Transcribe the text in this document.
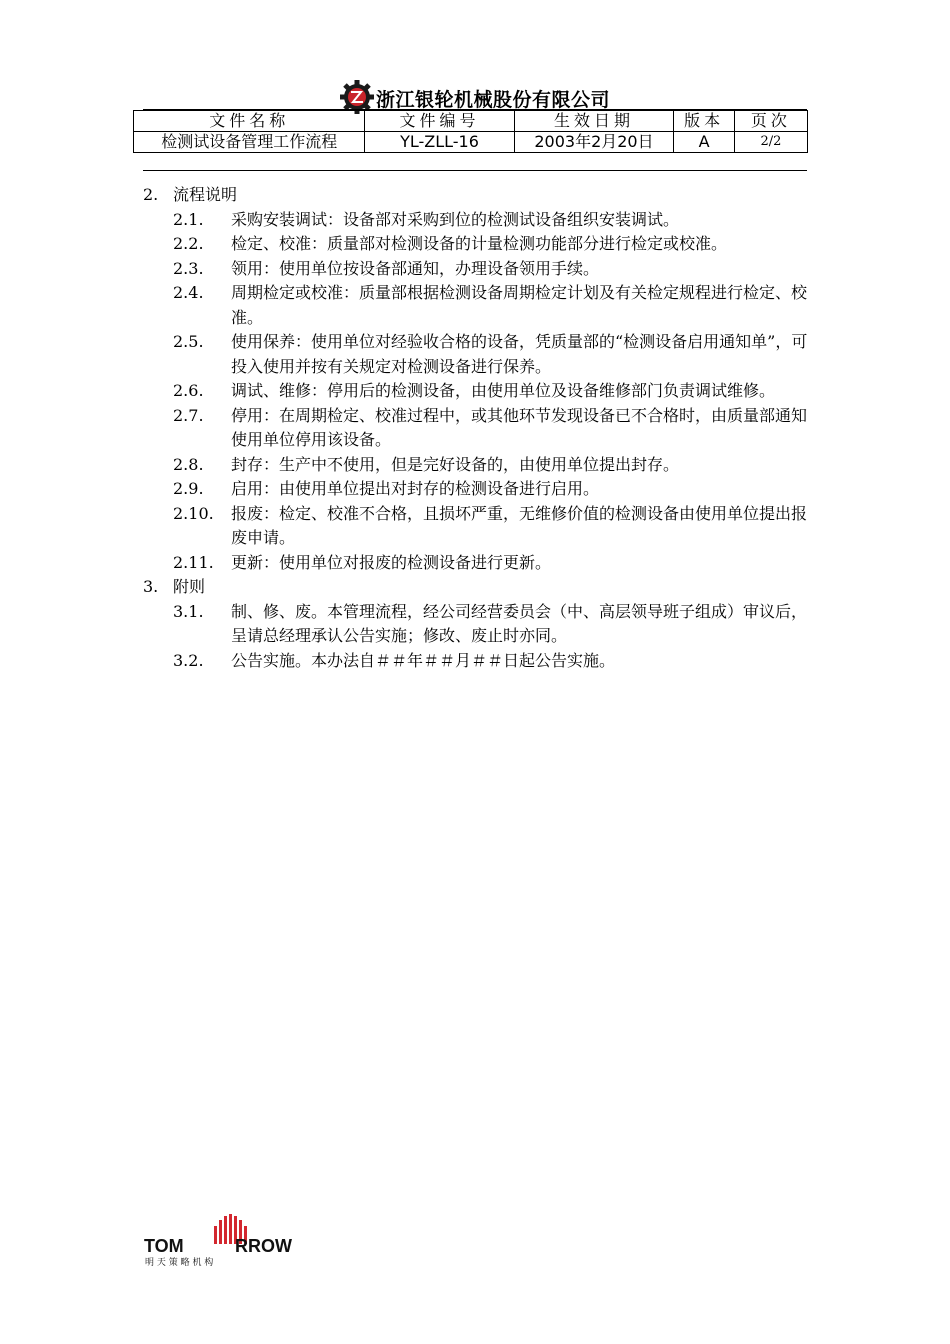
浙江银轮机械股份有限公司
文件名称	文件编号	生效日期	版本	页次
检测试设备管理工作流程	YL-ZLL-16	2003年2月20日	A	2/2
2. 流程说明
2.1. 采购安装调试：设备部对采购到位的检测试设备组织安装调试。
2.2. 检定、校准：质量部对检测设备的计量检测功能部分进行检定或校准。
2.3. 领用：使用单位按设备部通知，办理设备领用手续。
2.4. 周期检定或校准：质量部根据检测设备周期检定计划及有关检定规程进行检定、校准。
2.5. 使用保养：使用单位对经验收合格的设备，凭质量部的“检测设备启用通知单”，可投入使用并按有关规定对检测设备进行保养。
2.6. 调试、维修：停用后的检测设备，由使用单位及设备维修部门负责调试维修。
2.7. 停用：在周期检定、校准过程中，或其他环节发现设备已不合格时，由质量部通知使用单位停用该设备。
2.8. 封存：生产中不使用，但是完好设备的，由使用单位提出封存。
2.9. 启用：由使用单位提出对封存的检测设备进行启用。
2.10. 报废：检定、校准不合格，且损坏严重，无维修价值的检测设备由使用单位提出报废申请。
2.11. 更新：使用单位对报废的检测设备进行更新。
3. 附则
3.1. 制、修、废。本管理流程，经公司经营委员会（中、高层领导班子组成）审议后，呈请总经理承认公告实施；修改、废止时亦同。
3.2. 公告实施。本办法自＃＃年＃＃月＃＃日起公告实施。
TOM	RROW
明 天 策 略 机 构
